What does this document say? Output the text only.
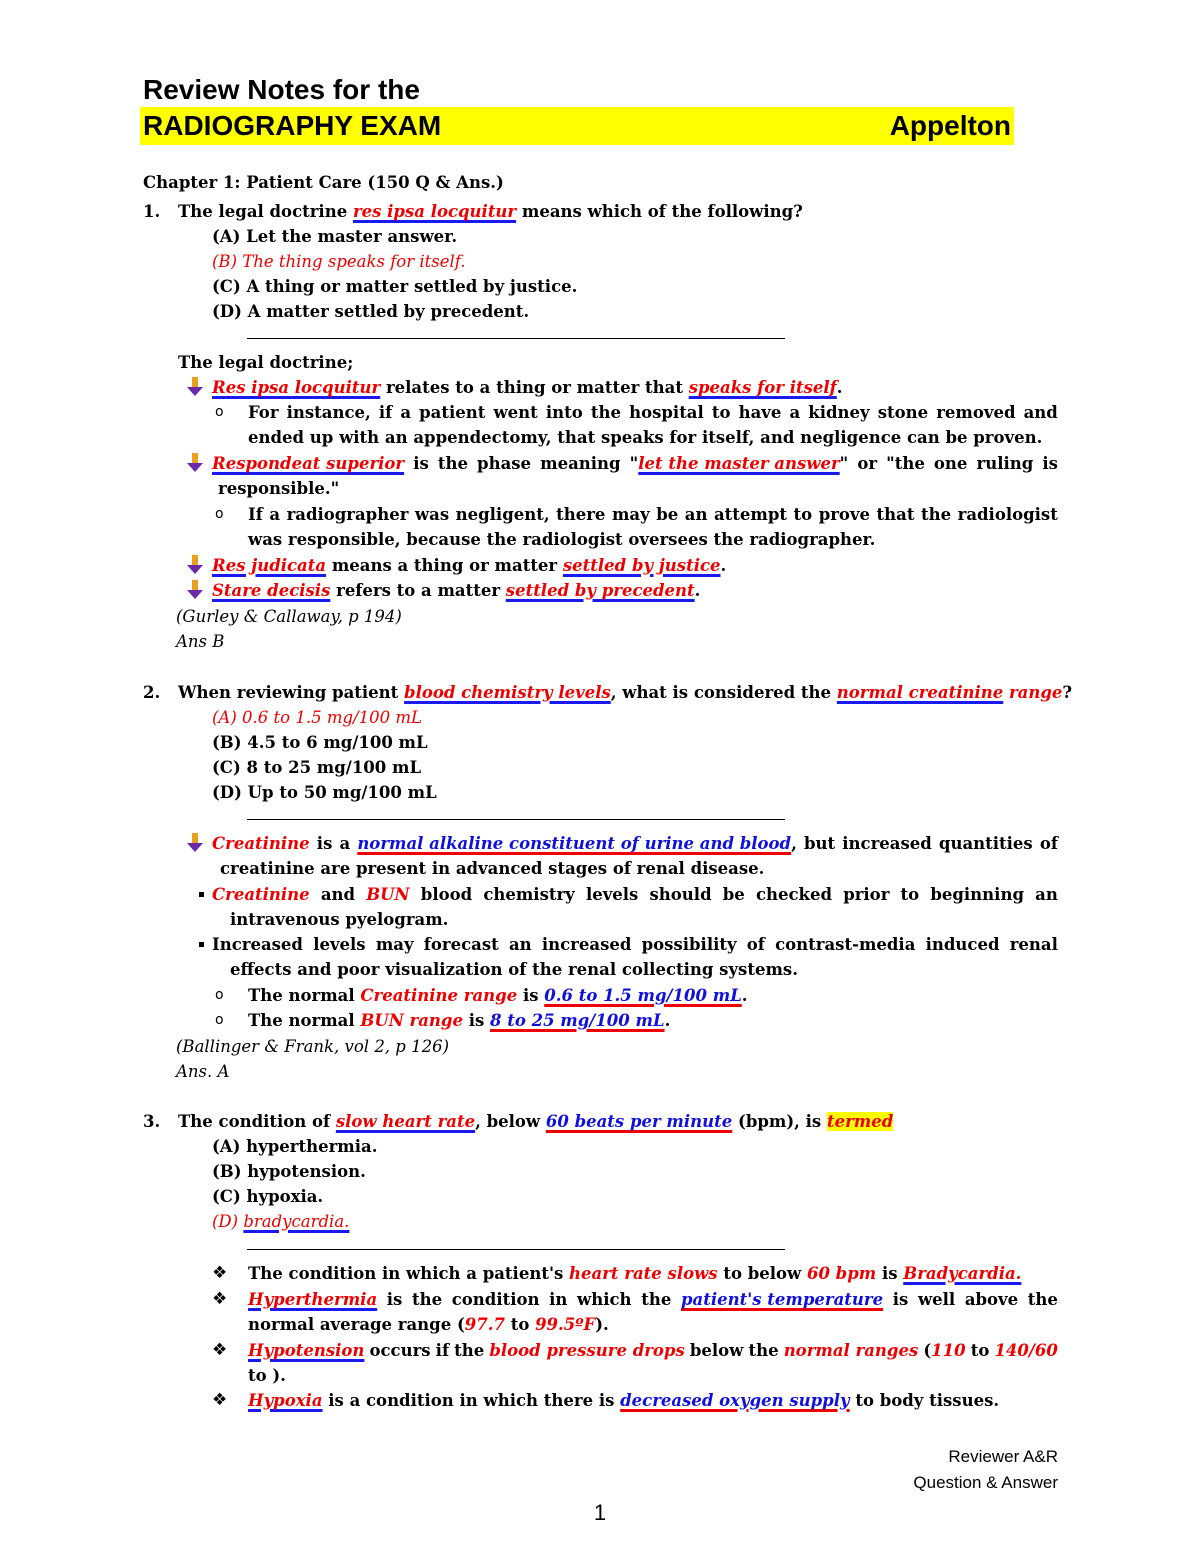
Review Notes for the
RADIOGRAPHY EXAM	Appelton
Chapter 1: Patient Care (150 Q & Ans.)
1. The legal doctrine res ipsa locquitur means which of the following?
(A) Let the master answer.
(B) The thing speaks for itself.
(C) A thing or matter settled by justice.
(D) A matter settled by precedent.
The legal doctrine;
Res ipsa locquitur relates to a thing or matter that speaks for itself.
o For instance, if a patient went into the hospital to have a kidney stone removed and
ended up with an appendectomy, that speaks for itself, and negligence can be proven.
Respondeat superior is the phase meaning "let the master answer" or "the one ruling is
responsible."
o If a radiographer was negligent, there may be an attempt to prove that the radiologist
was responsible, because the radiologist oversees the radiographer.
Res judicata means a thing or matter settled by justice.
Stare decisis refers to a matter settled by precedent.
(Gurley & Callaway, p 194)
Ans B
2. When reviewing patient blood chemistry levels, what is considered the normal creatinine range?
(A) 0.6 to 1.5 mg/100 mL
(B) 4.5 to 6 mg/100 mL
(C) 8 to 25 mg/100 mL
(D) Up to 50 mg/100 mL
Creatinine is a normal alkaline constituent of urine and blood, but increased quantities of
creatinine are present in advanced stages of renal disease.
Creatinine and BUN blood chemistry levels should be checked prior to beginning an
intravenous pyelogram.
Increased levels may forecast an increased possibility of contrast-media induced renal
effects and poor visualization of the renal collecting systems.
o The normal Creatinine range is 0.6 to 1.5 mg/100 mL.
o The normal BUN range is 8 to 25 mg/100 mL.
(Ballinger & Frank, vol 2, p 126)
Ans. A
3. The condition of slow heart rate, below 60 beats per minute (bpm), is termed
(A) hyperthermia.
(B) hypotension.
(C) hypoxia.
(D) bradycardia.
❖ The condition in which a patient's heart rate slows to below 60 bpm is Bradycardia.
❖ Hyperthermia is the condition in which the patient's temperature is well above the
normal average range (97.7 to 99.5ºF).
❖ Hypotension occurs if the blood pressure drops below the normal ranges (110 to 140/60
to ).
❖ Hypoxia is a condition in which there is decreased oxygen supply to body tissues.
Reviewer A&R
Question & Answer
1
